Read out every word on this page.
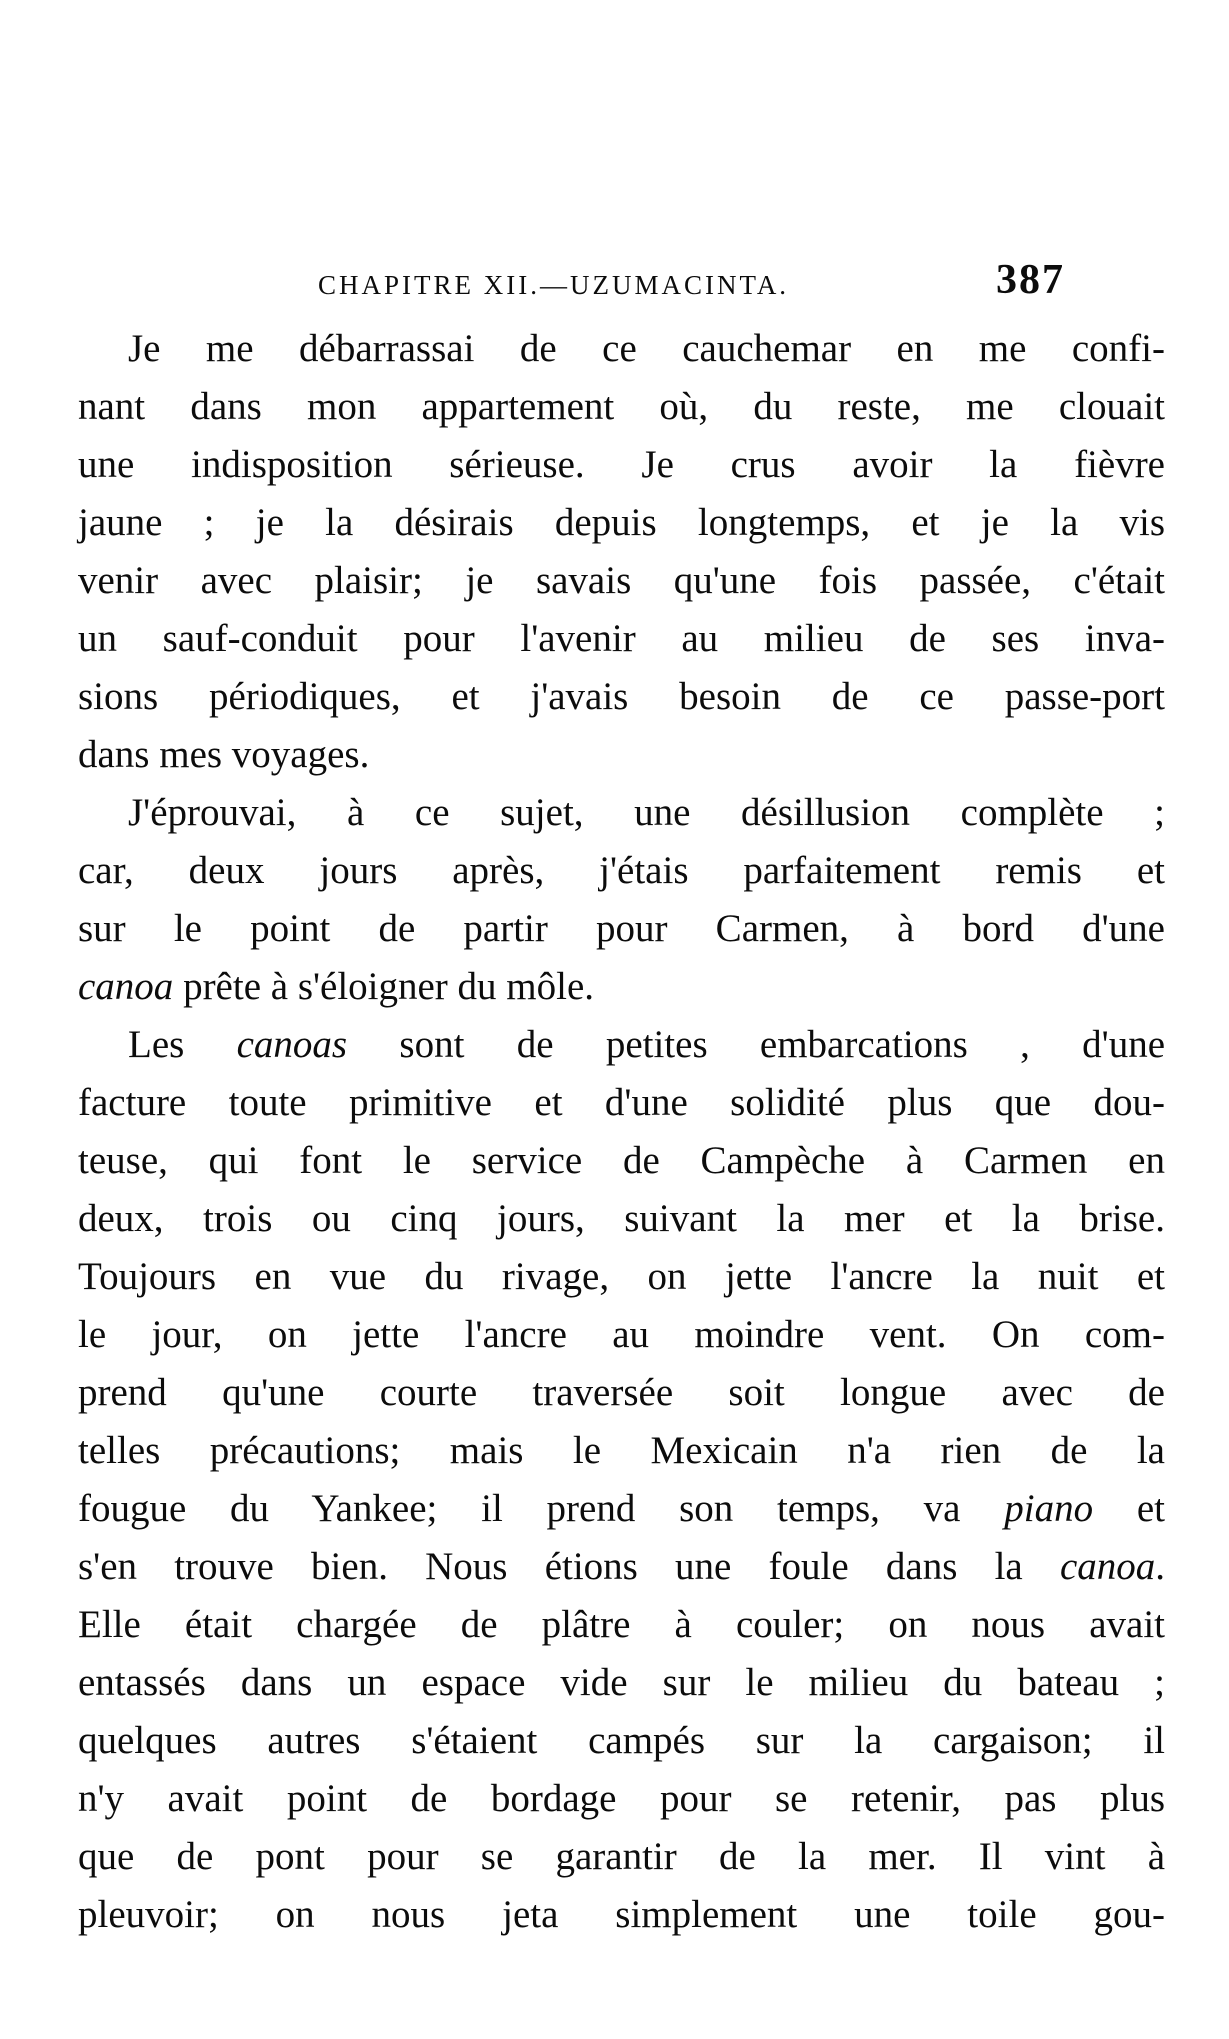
CHAPITRE XII.—UZUMACINTA.	387
Je me débarrassai de ce cauchemar en me confi-
nant dans mon appartement où, du reste, me clouait
une indisposition sérieuse. Je crus avoir la fièvre
jaune ; je la désirais depuis longtemps, et je la vis
venir avec plaisir; je savais qu'une fois passée, c'était
un sauf-conduit pour l'avenir au milieu de ses inva-
sions périodiques, et j'avais besoin de ce passe-port
dans mes voyages.
J'éprouvai, à ce sujet, une désillusion complète ;
car, deux jours après, j'étais parfaitement remis et
sur le point de partir pour Carmen, à bord d'une
canoa prête à s'éloigner du môle.
Les canoas sont de petites embarcations , d'une
facture toute primitive et d'une solidité plus que dou-
teuse, qui font le service de Campèche à Carmen en
deux, trois ou cinq jours, suivant la mer et la brise.
Toujours en vue du rivage, on jette l'ancre la nuit et
le jour, on jette l'ancre au moindre vent. On com-
prend qu'une courte traversée soit longue avec de
telles précautions; mais le Mexicain n'a rien de la
fougue du Yankee; il prend son temps, va piano et
s'en trouve bien. Nous étions une foule dans la canoa.
Elle était chargée de plâtre à couler; on nous avait
entassés dans un espace vide sur le milieu du bateau ;
quelques autres s'étaient campés sur la cargaison; il
n'y avait point de bordage pour se retenir, pas plus
que de pont pour se garantir de la mer. Il vint à
pleuvoir; on nous jeta simplement une toile gou-
